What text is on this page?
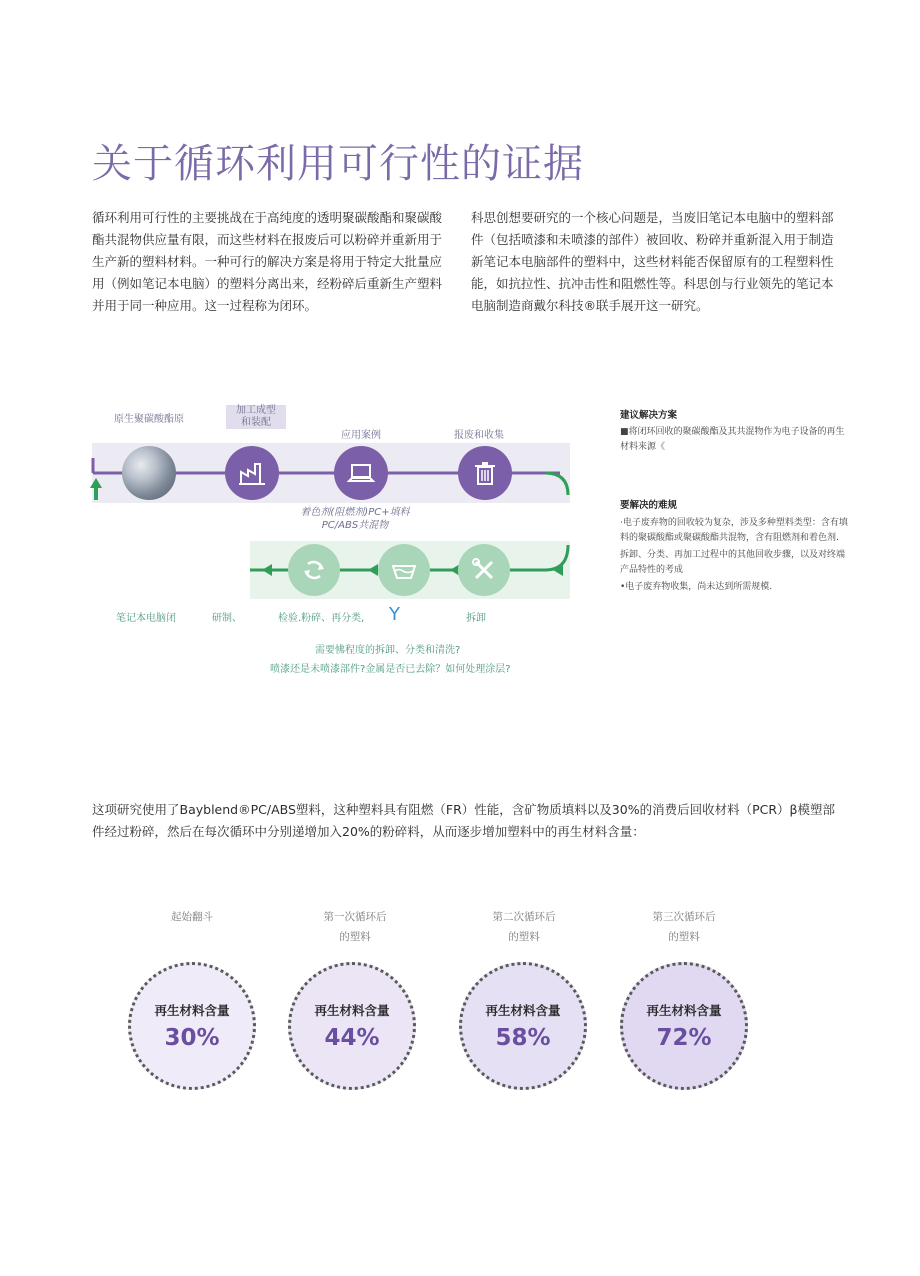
关于循环利用可行性的证据

循环利用可行性的主要挑战在于高纯度的透明聚碳酸酯和聚碳酸酯共混物供应量有限，而这些材料在报废后可以粉碎并重新用于生产新的塑料材料。一种可行的解决方案是将用于特定大批量应用（例如笔记本电脑）的塑料分离出来，经粉碎后重新生产塑料并用于同一种应用。这一过程称为闭环。

科思创想要研究的一个核心问题是，当废旧笔记本电脑中的塑料部件（包括喷漆和未喷漆的部件）被回收、粉碎并重新混入用于制造新笔记本电脑部件的塑料中，这些材料能否保留原有的工程塑料性能，如抗拉性、抗冲击性和阻燃性等。科思创与行业领先的笔记本电脑制造商戴尔科技®联手展开这一研究。

原生聚碳酸酯原
加工成型
和装配
应用案例	报废和收集
着色剂(阻燃剂)PC+填料
PC/ABS共混物
笔记本电脑闭	研制、	检验.粉碎、再分类, Y	拆卸
需要怫程度的拆卸、分类和清洗?
喷漆还是未喷漆部件?金属是否已去除？如何处理涂层?
建议解决方案
■将闭环回收的聚碳酸酯及其共混物作为电子设备的再生材料来源《
要解决的难规
·电子废弃物的回收较为复杂，涉及多种塑料类型：含有填料的聚碳酸酯或聚碳酸酯共混物，含有阻燃剂和着色剂.
拆卸、分类、再加工过程中的其他回收步骤，以及对终端产品特性的考成
•电子废弃物收集，尚未达到所需规模.

这项研究使用了Bayblend®PC/ABS塑料，这种塑料具有阻燃（FR）性能，含矿物质填料以及30%的消费后回收材料（PCR）β模塑部件经过粉碎，然后在每次循环中分别递增加入20%的粉碎料，从而逐步增加塑料中的再生材料含量：

起始翻斗
再生材料含量
30%
第一次循环后
的塑料
再生材料含量
44%
第二次循环后
的塑料
再生材料含量
58%
第三次循环后
的塑料
再生材料含量
72%
